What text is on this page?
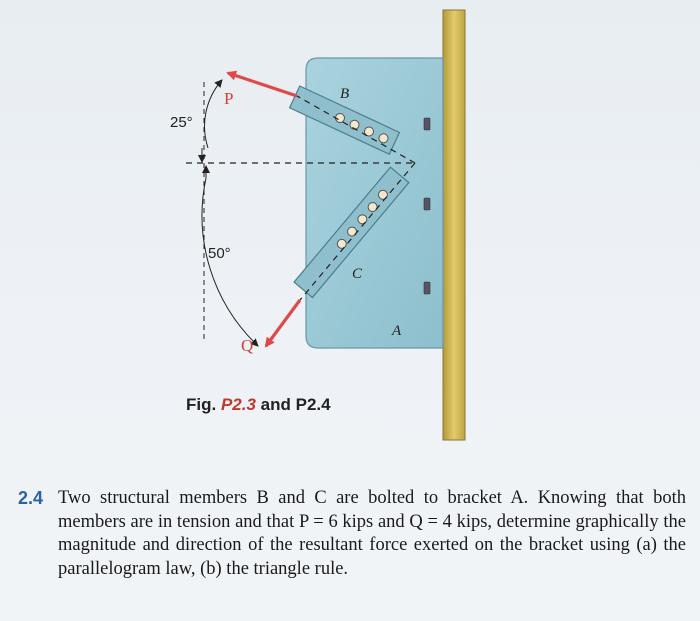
P
Q
B
C
A
25°
50°
Fig. P2.3 and P2.4
2.4 Two structural members B and C are bolted to bracket A. Knowing that both members are in tension and that P = 6 kips and Q = 4 kips, determine graphically the magnitude and direction of the resultant force exerted on the bracket using (a) the parallelogram law, (b) the triangle rule.
